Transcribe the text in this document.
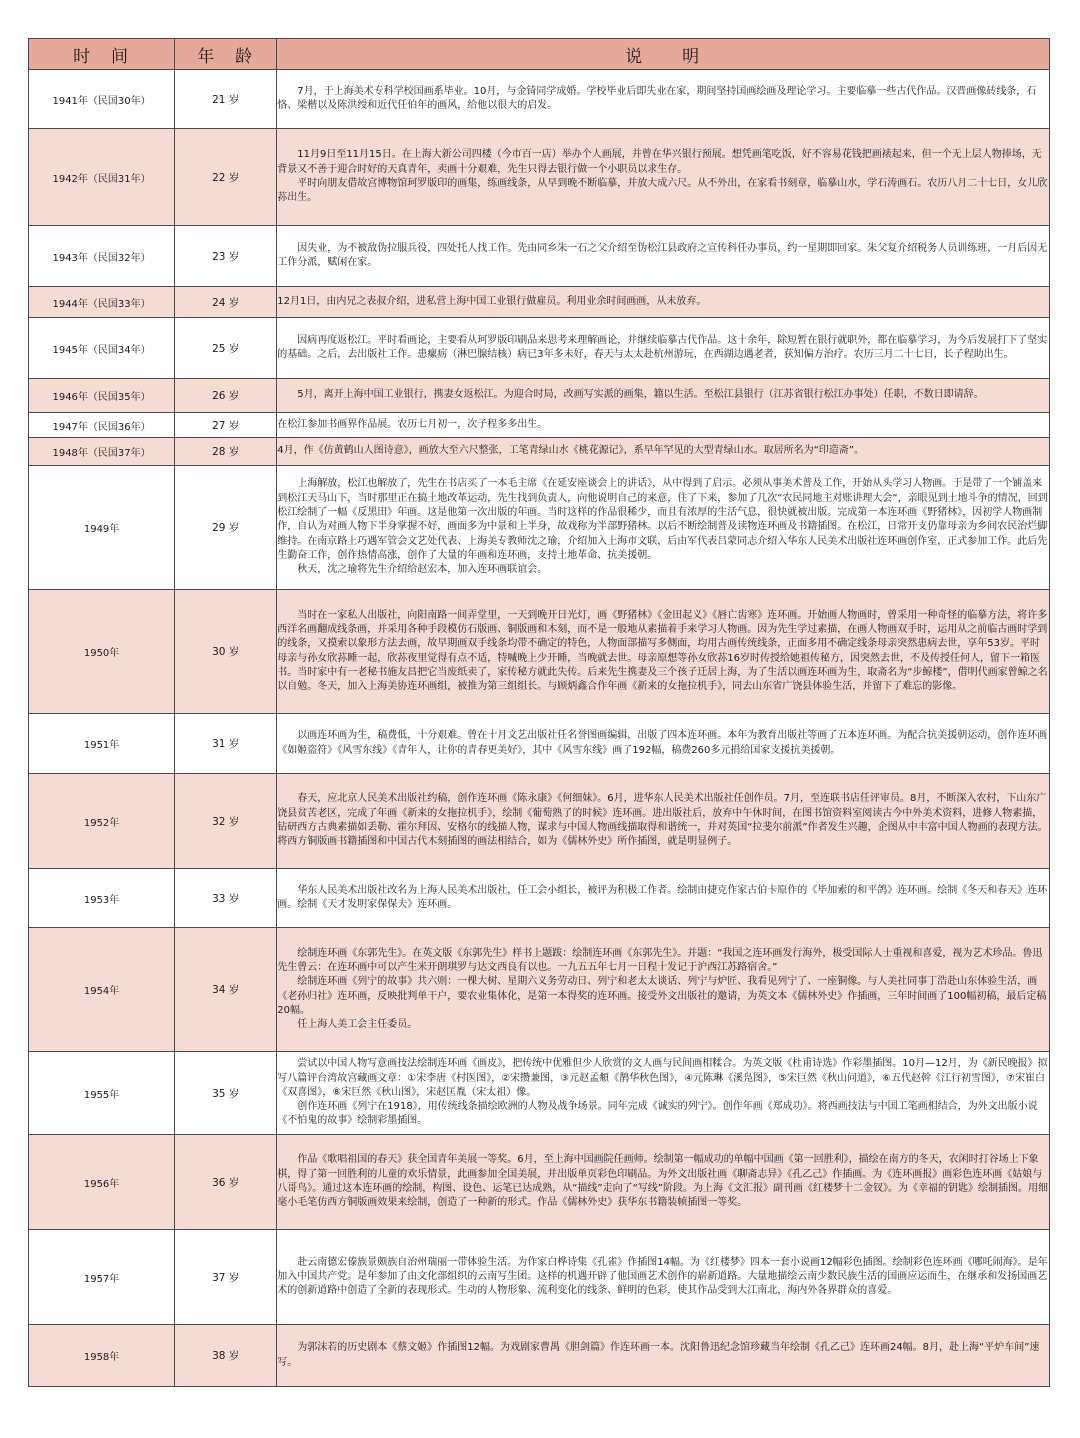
时　间	年　龄	说　　明
1941年（民国30年）	21 岁	7月，于上海美术专科学校国画系毕业。10月，与金锜同学成婚。学校毕业后即失业在家，期间坚持国画绘画及理论学习。主要临摹一些古代作品。汉晋画像砖线条，石恪、梁楷以及陈洪绶和近代任伯年的画风，给他以很大的启发。

1942年（民国31年）	22 岁	11月9日至11月15日。在上海大新公司四楼（今市百一店）举办个人画展，并曾在华兴银行预展。想凭画笔吃饭，好不容易花钱把画裱起来，但一个无上层人物捧场，无背景又不善于迎合时好的天真青年，卖画十分艰难，先生只得去银行做一个小职员以求生存。
平时向朋友借故宫博物馆珂罗版印的画集，练画线条，从早到晚不断临摹，并放大成六尺。从不外出，在家看书刻章，临摹山水，学石涛画石。农历八月二十七日，女儿欣荪出生。

1943年（民国32年）	23 岁	因失业，为不被敌伪拉服兵役，四处托人找工作。先由同乡朱一石之父介绍至伪松江县政府之宣传科任办事员，约一星期即回家。朱父复介绍税务人员训练班，一月后因无工作分派，赋闲在家。

1944年（民国33年）	24 岁	12月1日，由内兄之表叔介绍，进私营上海中国工业银行做雇员。利用业余时间画画，从未放弃。

1945年（民国34年）	25 岁	因病再度返松江。平时看画论，主要看从珂罗版印刷品来思考来理解画论，并继续临摹古代作品。这十余年，除短暂在银行就职外，都在临摹学习，为今后发展打下了坚实的基础。之后，去出版社工作。患瘰疬（淋巴腺结核）病已3年多未好，春天与太太赴杭州游玩，在西湖边遇老者，获知偏方治疗。农历三月二十七日，长子程助出生。

1946年（民国35年）	26 岁	5月，离开上海中国工业银行，携妻女返松江。为迎合时局，改画写实派的画集，籍以生活。至松江县银行（江苏省银行松江办事处）任职，不数日即请辞。

1947年（民国36年）	27 岁	在松江参加书画界作品展。农历七月初一，次子程多多出生。

1948年（民国37年）	28 岁	4月，作《仿黄鹤山人图诗意》，画放大至六尺整张，工笔青绿山水《桃花源记》，系早年罕见的大型青绿山水。取居所名为“印造斋”。

1949年	29 岁	上海解放，松江也解放了，先生在书店买了一本毛主席《在延安座谈会上的讲话》，从中得到了启示。必须从事美术普及工作，开始从头学习人物画。于是带了一个铺盖来到松江天马山下，当时那里正在搞土地改革运动，先生找到负责人，向他说明自己的来意，住了下来，参加了几次“农民同地主对账讲理大会”，亲眼见到土地斗争的情况，回到松江绘制了一幅《反黑田》年画。这是他第一次出版的年画。当时这样的作品很稀少，而且有浓厚的生活气息，很快就被出版。完成第一本连环画《野猪林》，因初学人物画制作，自认为对画人物下半身掌握不好，画面多为中景和上半身，故戏称为半部野猪林。以后不断绘制普及读物连环画及书籍插图。在松江，日常开支仍靠母亲为乡间农民治烂脚维持。在南京路上巧遇军管会文艺处代表、上海美专教师沈之瑜，介绍加入上海市文联，后由军代表吕蒙同志介绍入华东人民美术出版社连环画创作室，正式参加工作。此后先生勤奋工作，创作热情高涨，创作了大量的年画和连环画，支持土地革命、抗美援朝。
秋天，沈之瑜将先生介绍给赵宏本，加入连环画联谊会。

1950年	30 岁	当时在一家私人出版社，向阳南路一间弄堂里，一天到晚开日光灯，画《野猪林》《金田起义》《唇亡齿寒》连环画。开始画人物画时，曾采用一种奇怪的临摹方法，将许多西洋名画翻成线条画，并采用各种手段模仿石版画、铜版画和木刻，而不是一般地从素描着手来学习人物画。因为先生学过素描，在画人物画双手时，运用从之前临古画时学到的线条，又摸索以象形方法去画，故早期画双手线条均带不确定的特色，人物面部描写多侧面，均用古画传统线条，正面多用不确定线条母亲突然患病去世，享年53岁。平时母亲与孙女欣荪睡一起，欣荪夜里觉得有点不适，特喊晚上少开睡，当晚就去世。母亲原想等孙女欣荪16岁时传授给她祖传秘方，因突然去世，不及传授任何人，留下一箱医书。当时家中有一老秘书施友昌把它当废纸卖了，家传秘方就此失传。后来先生携妻及三个孩子迁居上海，为了生活以画连环画为生，取斋名为“步鲸楼”，借明代画家曾鲸之名以自勉。冬天，加入上海美协连环画组，被推为第三组组长。与顾炳鑫合作年画《新来的女拖拉机手》，同去山东省广饶县体验生活，并留下了难忘的影像。

1951年	31 岁	以画连环画为生，稿费低，十分艰难。曾在十月文艺出版社任名誉图画编辑，出版了四本连环画。本年为教育出版社等画了五本连环画。为配合抗美援朝运动，创作连环画《如姬盗符》《风雪东线》《青年人，让你的青春更美好》，其中《风雪东线》画了192幅，稿费260多元捐给国家支援抗美援朝。

1952年	32 岁	春天，应北京人民美术出版社约稿，创作连环画《陈永康》《何细妹》。6月，进华东人民美术出版社任创作员。7月，至连联书店任评审员。8月，不断深入农村，下山东广饶县贫苦老区，完成了年画《新来的女拖拉机手》，绘制《葡萄熟了的时候》连环画。进出版社后，放弃中午休时间，在图书馆资料室阅读古今中外美术资料，进修人物素描，钻研西方古典素描如丢勒、霍尔拜因、安格尔的线描人物，谋求与中国人物画线描取得和谐统一，并对英国“拉斐尔前派”作者发生兴趣，企图从中丰富中国人物画的表现方法。将西方铜版画书籍插图和中国古代木刻插图的画法相结合，如为《儒林外史》所作插图，就是明显例子。

1953年	33 岁	华东人民美术出版社改名为上海人民美术出版社，任工会小组长，被评为积极工作者。绘制由捷克作家古伯卡原作的《毕加索的和平鸽》连环画。绘制《冬天和春天》连环画。绘制《天才发明家保保夫》连环画。

1954年	34 岁	绘制连环画《东郭先生》。在英文版《东郭先生》样书上题跋：绘制连环画《东郭先生》。并题：“我国之连环画发行海外，极受国际人士重视和喜爱，视为艺术珍品。鲁迅先生曾云：在连环画中可以产生米开朗琪罗与达文西良有以也。一九五五年七月一日程十发记于沪西江苏路宿舍。”
绘制连环画《列宁的故事》共六则：一棵大树、星期六义务劳动日、列宁和老太太谈话、列宁与炉匠、我看见列宁了、一座铜像。与人美社同事丁浩赴山东体验生活，画《老孙归社》连环画，反映批判单干户，要农业集体化，是第一本得奖的连环画。接受外文出版社的邀请，为英文本《儒林外史》作插画，三年时间画了100幅初稿，最后定稿20幅。
任上海人美工会主任委员。

1955年	35 岁	尝试以中国人物写意画技法绘制连环画《画皮》，把传统中优雅但少人欣赏的文人画与民间画相糅合。为英文版《杜甫诗选》作彩墨插图。10月—12月，为《新民晚报》拟写八篇评台湾故宫藏画文章：①宋李唐《村医图》，②宋攒兼图，③元赵孟頫《鹊华秋色图》，④元陈琳《溪凫图》，⑤宋巨然《秋山问道》，⑥五代赵幹《江行初雪图》，⑦宋崔白《双喜图》，⑧宋巨然《秋山图》，宋赵匡胤（宋太祖）像。
创作连环画《列宁在1918》，用传统线条描绘欧洲的人物及战争场景。同年完成《诚实的列宁》。创作年画《郑成功》。将西画技法与中国工笔画相结合，为外文出版小说《不怕鬼的故事》绘制彩墨插图。

1956年	36 岁	作品《歌唱祖国的春天》获全国青年美展一等奖。6月，至上海中国画院任画师。绘制第一幅成功的单幅中国画《第一回胜利》，描绘在南方的冬天，农闲时打谷场上下象棋，得了第一回胜利的儿童的欢乐情景，此画参加全国美展，并出版单页彩色印刷品。为外文出版社画《聊斋志异》《孔乙己》作插画。为《连环画报》画彩色连环画《姑娘与八哥鸟》。通过这本连环画的绘制，构图、设色、运笔已达成熟，从“描线”走向了“写线”阶段。为上海《文汇报》副刊画《红楼梦十二金钗》。为《幸福的钥匙》绘制插图。用细毫小毛笔仿西方铜版画效果来绘制，创造了一种新的形式。作品《儒林外史》获华东书籍装帧插图一等奖。

1957年	37 岁	赴云南德宏傣族景颇族自治州瑞丽一带体验生活。为作家白桦诗集《孔雀》作插图14幅。为《红楼梦》四本一套小说画12幅彩色插图。绘制彩色连环画《哪吒闹海》。是年加入中国共产党。是年参加了由文化部组织的云南写生团。这样的机遇开辟了他国画艺术创作的崭新道路。大量地描绘云南少数民族生活的国画应运而生，在继承和发扬国画艺术的创新道路中创造了全新的表现形式。生动的人物形象、流利变化的线条、鲜明的色彩，使其作品受到大江南北，海内外各界群众的喜爱。

1958年	38 岁	为郭沫若的历史剧本《蔡文姬》作插图12幅。为戏剧家曹禺《胆剑篇》作连环画一本。沈阳鲁迅纪念馆珍藏当年绘制《孔乙己》连环画24幅。8月，赴上海“平炉车间”速写。
